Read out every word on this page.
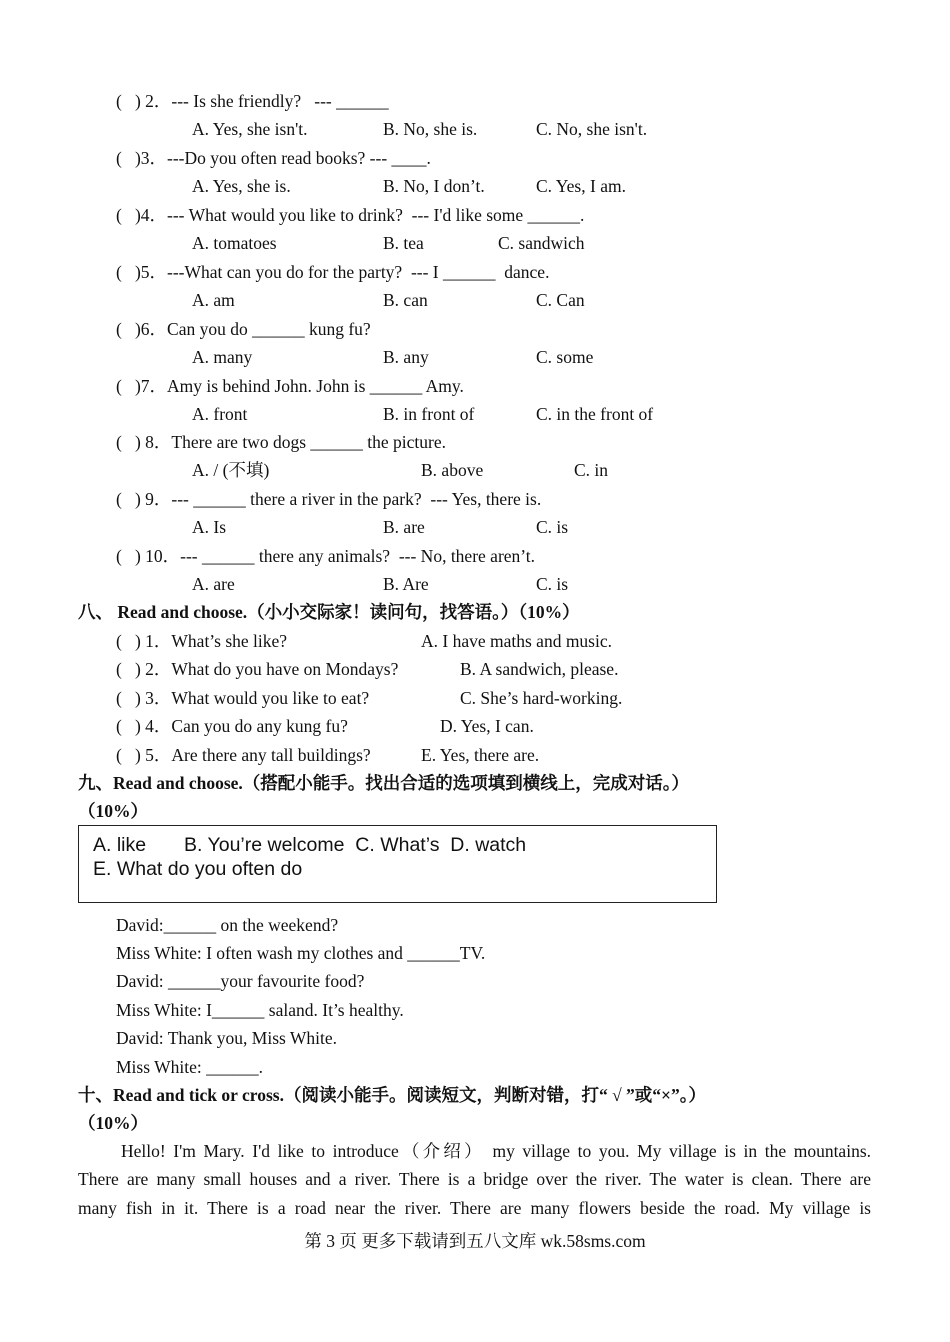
(   ) 2．--- Is she friendly?   --- ______
A. Yes, she isn't.	B. No, she is.	C. No, she isn't.
(   )3．---Do you often read books? --- ____.
A. Yes, she is.	B. No, I don’t.	C. Yes, I am.
(   )4．--- What would you like to drink?  --- I'd like some ______.
A. tomatoes	B. tea	C. sandwich
(   )5．---What can you do for the party?  --- I ______  dance.
A. am	B. can	C. Can
(   )6．Can you do ______ kung fu?
A. many	B. any	C. some
(   )7．Amy is behind John. John is ______ Amy.
A. front	B. in front of	C. in the front of
(   ) 8．There are two dogs ______ the picture.
A. / (不填)	B. above	C. in
(   ) 9．--- ______ there a river in the park?  --- Yes, there is.
A. Is	B. are	C. is
(   ) 10．--- ______ there any animals?  --- No, there aren’t.
A. are	B. Are	C. is
八、 Read and choose.（小小交际家！读问句，找答语。）（10%）
(   ) 1．What’s she like?	A. I have maths and music.
(   ) 2．What do you have on Mondays?	B. A sandwich, please.
(   ) 3．What would you like to eat?	C. She’s hard-working.
(   ) 4．Can you do any kung fu?	D. Yes, I can.
(   ) 5．Are there any tall buildings?	E. Yes, there are.
九、Read and choose.（搭配小能手。找出合适的选项填到横线上，完成对话。）
（10%）
A. like       B. You’re welcome  C. What’s  D. watch
E. What do you often do
David:______ on the weekend?
Miss White: I often wash my clothes and ______TV.
David: ______your favourite food?
Miss White: I______ saland. It’s healthy.
David: Thank you, Miss White.
Miss White: ______.
十、Read and tick or cross.（阅读小能手。阅读短文，判断对错，打“ √ ”或“×”。）
（10%）
Hello! I'm Mary. I'd like to introduce（介绍） my village to you. My village is in the mountains.
There are many small houses and a river. There is a bridge over the river. The water is clean. There are
many fish in it. There is a road near the river. There are many flowers beside the road. My village is
第 3 页 更多下载请到五八文库 wk.58sms.com
